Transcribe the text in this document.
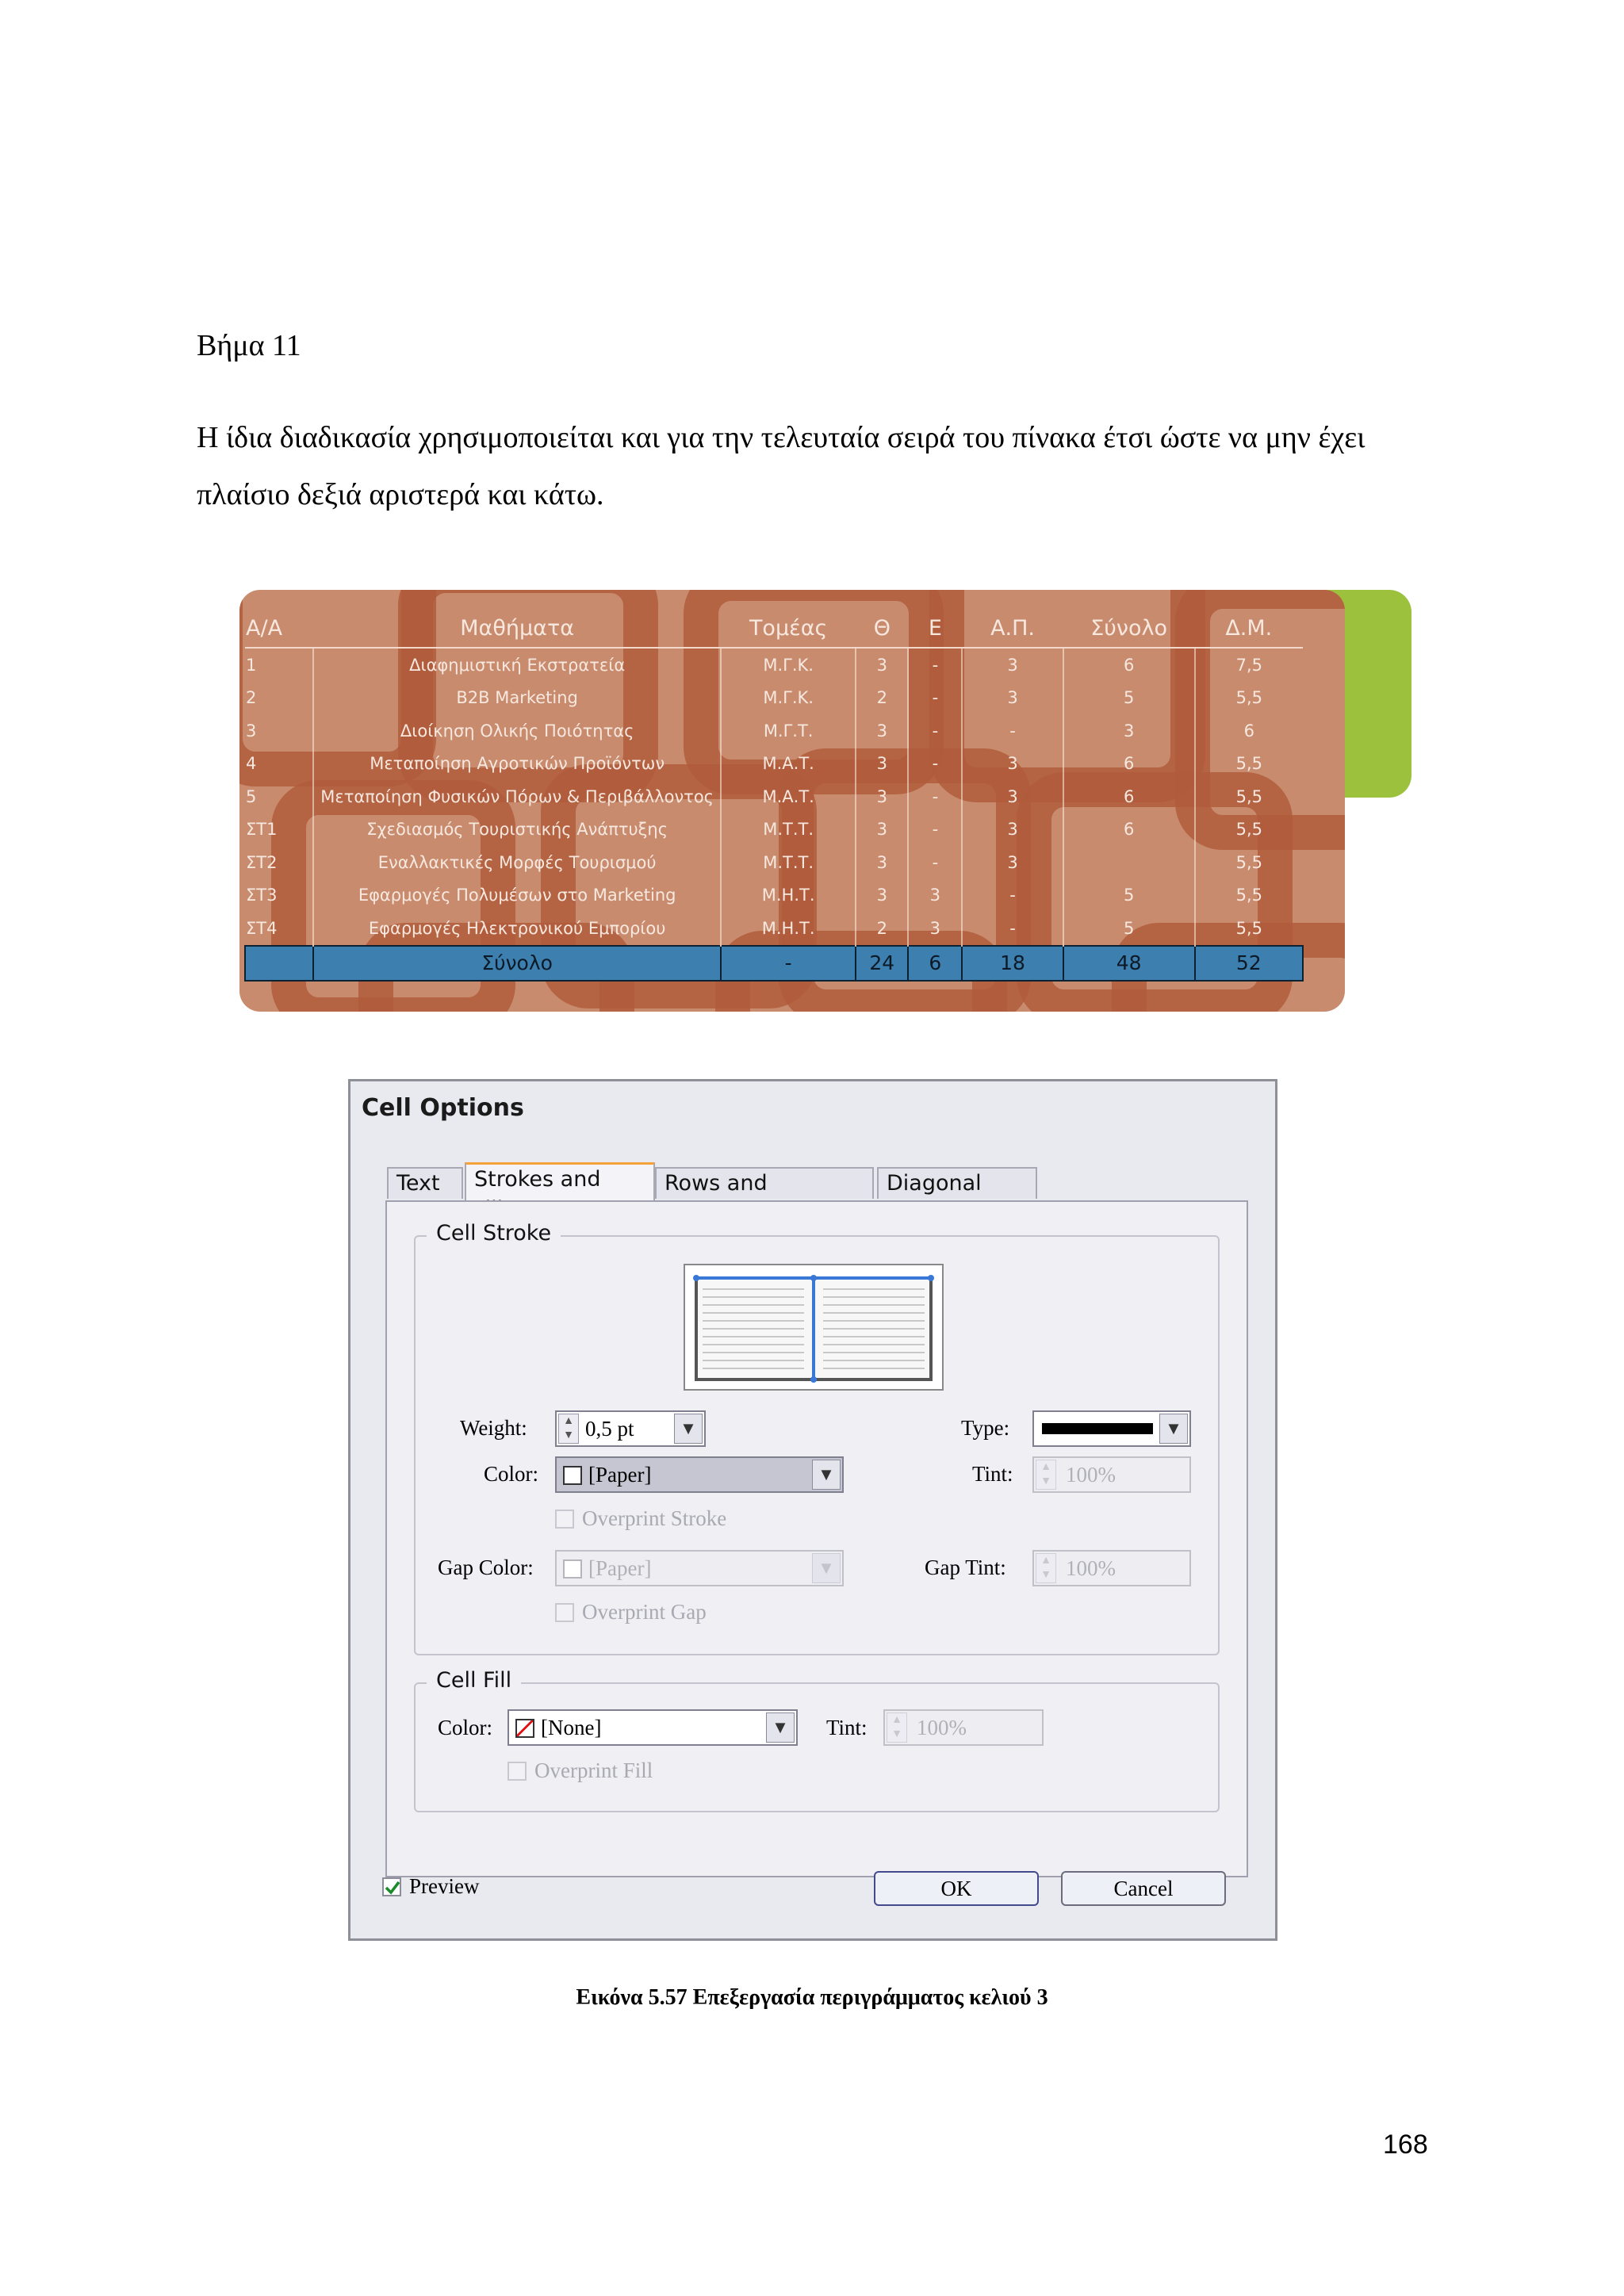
Βήμα 11
Η ίδια διαδικασία χρησιμοποιείται και για την τελευταία σειρά του πίνακα έτσι ώστε να μην έχει πλαίσιο δεξιά αριστερά και κάτω.
Α/Α	Μαθήματα	Τομέας	Θ	Ε	Α.Π.	Σύνολο	Δ.Μ.
1	Διαφημιστική Εκστρατεία	Μ.Γ.Κ.	3	-	3	6	7,5
2	B2B Marketing	Μ.Γ.Κ.	2	-	3	5	5,5
3	Διοίκηση Ολικής Ποιότητας	Μ.Γ.Τ.	3	-	-	3	6
4	Μεταποίηση Αγροτικών Προϊόντων	Μ.Α.Τ.	3	-	3	6	5,5
5	Μεταποίηση Φυσικών Πόρων & Περιβάλλοντος	Μ.Α.Τ.	3	-	3	6	5,5
ΣΤ1	Σχεδιασμός Τουριστικής Ανάπτυξης	Μ.Τ.Τ.	3	-	3	6	5,5
ΣΤ2	Εναλλακτικές Μορφές Τουρισμού	Μ.Τ.Τ.	3	-	3		5,5
ΣΤ3	Εφαρμογές Πολυμέσων στο Marketing	Μ.Η.Τ.	3	3	-	5	5,5
ΣΤ4	Εφαρμογές Ηλεκτρονικού Εμπορίου	Μ.Η.Τ.	2	3	-	5	5,5
	Σύνολο	-	24	6	18	48	52
Cell Options
Text	Strokes and	Rows and	Diagonal
Cell Stroke
Cell Fill
Weight:	▲
▼ 0,5 pt	▼	Type:	▼
Color:	[Paper]	▼	Tint:	▲
▼ 100%
Overprint Stroke
Gap Color:	[Paper]	▼	Gap Tint:	▲
▼ 100%
Overprint Gap
Color:	[None]	▼ Tint:	▲
▼ 100%
Overprint Fill
Preview	OK	Cancel
Εικόνα 5.57 Επεξεργασία περιγράμματος κελιού 3
168
